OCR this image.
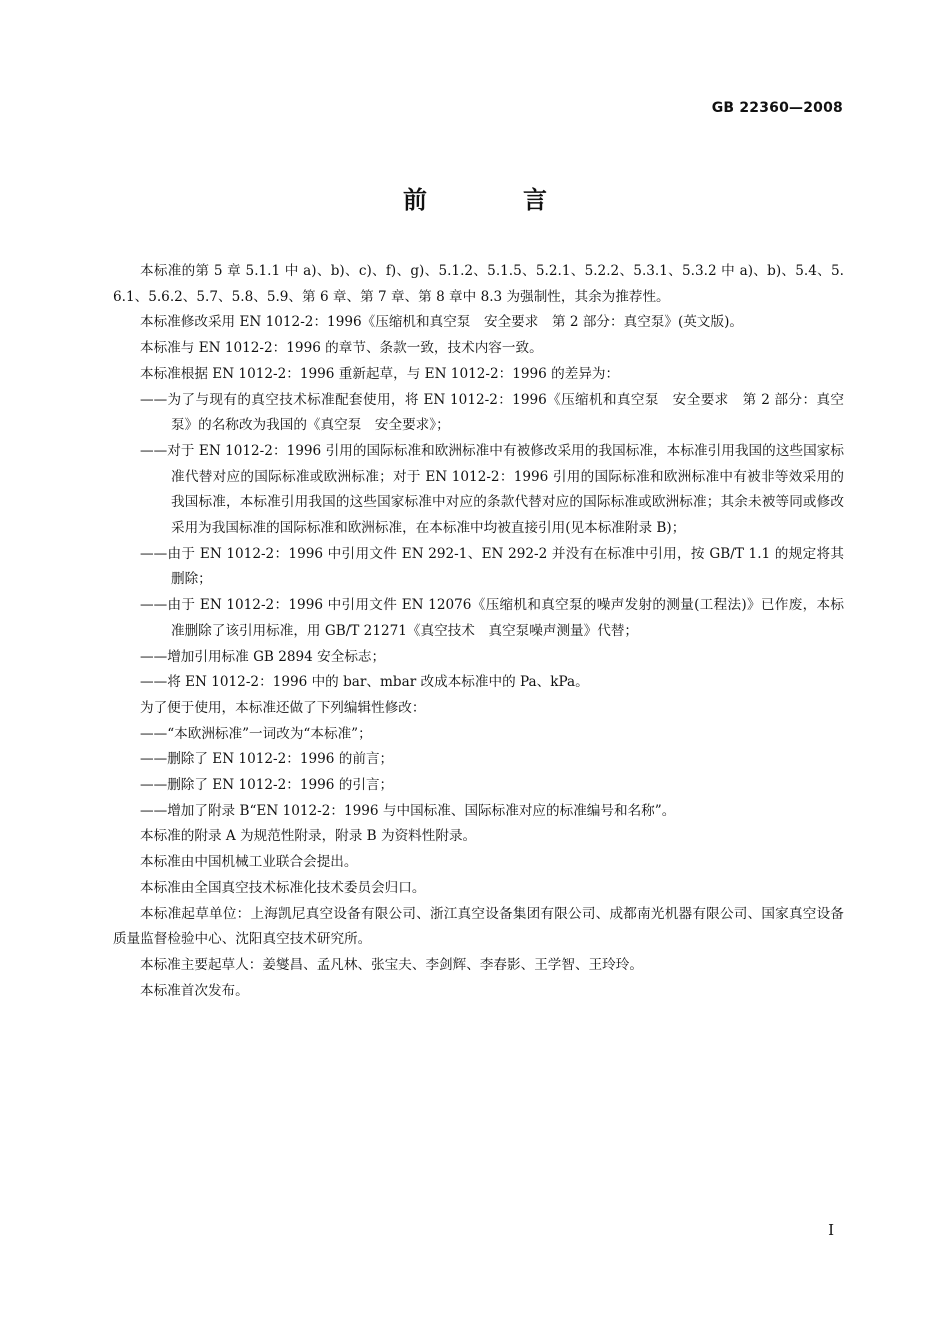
GB 22360—2008
前　言

本标准的第 5 章 5.1.1 中 a)、b)、c)、f)、g)、5.1.2、5.1.5、5.2.1、5.2.2、5.3.1、5.3.2 中 a)、b)、5.4、5.6.1、5.6.2、5.7、5.8、5.9、第 6 章、第 7 章、第 8 章中 8.3 为强制性，其余为推荐性。

本标准修改采用 EN 1012-2：1996《压缩机和真空泵　安全要求　第 2 部分：真空泵》(英文版)。

本标准与 EN 1012-2：1996 的章节、条款一致，技术内容一致。

本标准根据 EN 1012-2：1996 重新起草，与 EN 1012-2：1996 的差异为：

——为了与现有的真空技术标准配套使用，将 EN 1012-2：1996《压缩机和真空泵　安全要求　第 2 部分：真空泵》的名称改为我国的《真空泵　安全要求》；

——对于 EN 1012-2：1996 引用的国际标准和欧洲标准中有被修改采用的我国标准，本标准引用我国的这些国家标准代替对应的国际标准或欧洲标准；对于 EN 1012-2：1996 引用的国际标准和欧洲标准中有被非等效采用的我国标准，本标准引用我国的这些国家标准中对应的条款代替对应的国际标准或欧洲标准；其余未被等同或修改采用为我国标准的国际标准和欧洲标准，在本标准中均被直接引用(见本标准附录 B)；

——由于 EN 1012-2：1996 中引用文件 EN 292-1、EN 292-2 并没有在标准中引用，按 GB/T 1.1 的规定将其删除；

——由于 EN 1012-2：1996 中引用文件 EN 12076《压缩机和真空泵的噪声发射的测量(工程法)》已作废，本标准删除了该引用标准，用 GB/T 21271《真空技术　真空泵噪声测量》代替；

——增加引用标准 GB 2894 安全标志；

——将 EN 1012-2：1996 中的 bar、mbar 改成本标准中的 Pa、kPa。

为了便于使用，本标准还做了下列编辑性修改：

——“本欧洲标准”一词改为“本标准”；

——删除了 EN 1012-2：1996 的前言；

——删除了 EN 1012-2：1996 的引言；

——增加了附录 B“EN 1012-2：1996 与中国标准、国际标准对应的标准编号和名称”。

本标准的附录 A 为规范性附录，附录 B 为资料性附录。

本标准由中国机械工业联合会提出。

本标准由全国真空技术标准化技术委员会归口。

本标准起草单位：上海凯尼真空设备有限公司、浙江真空设备集团有限公司、成都南光机器有限公司、国家真空设备质量监督检验中心、沈阳真空技术研究所。

本标准主要起草人：姜燮昌、孟凡林、张宝夫、李剑辉、李春影、王学智、王玲玲。

本标准首次发布。

I
